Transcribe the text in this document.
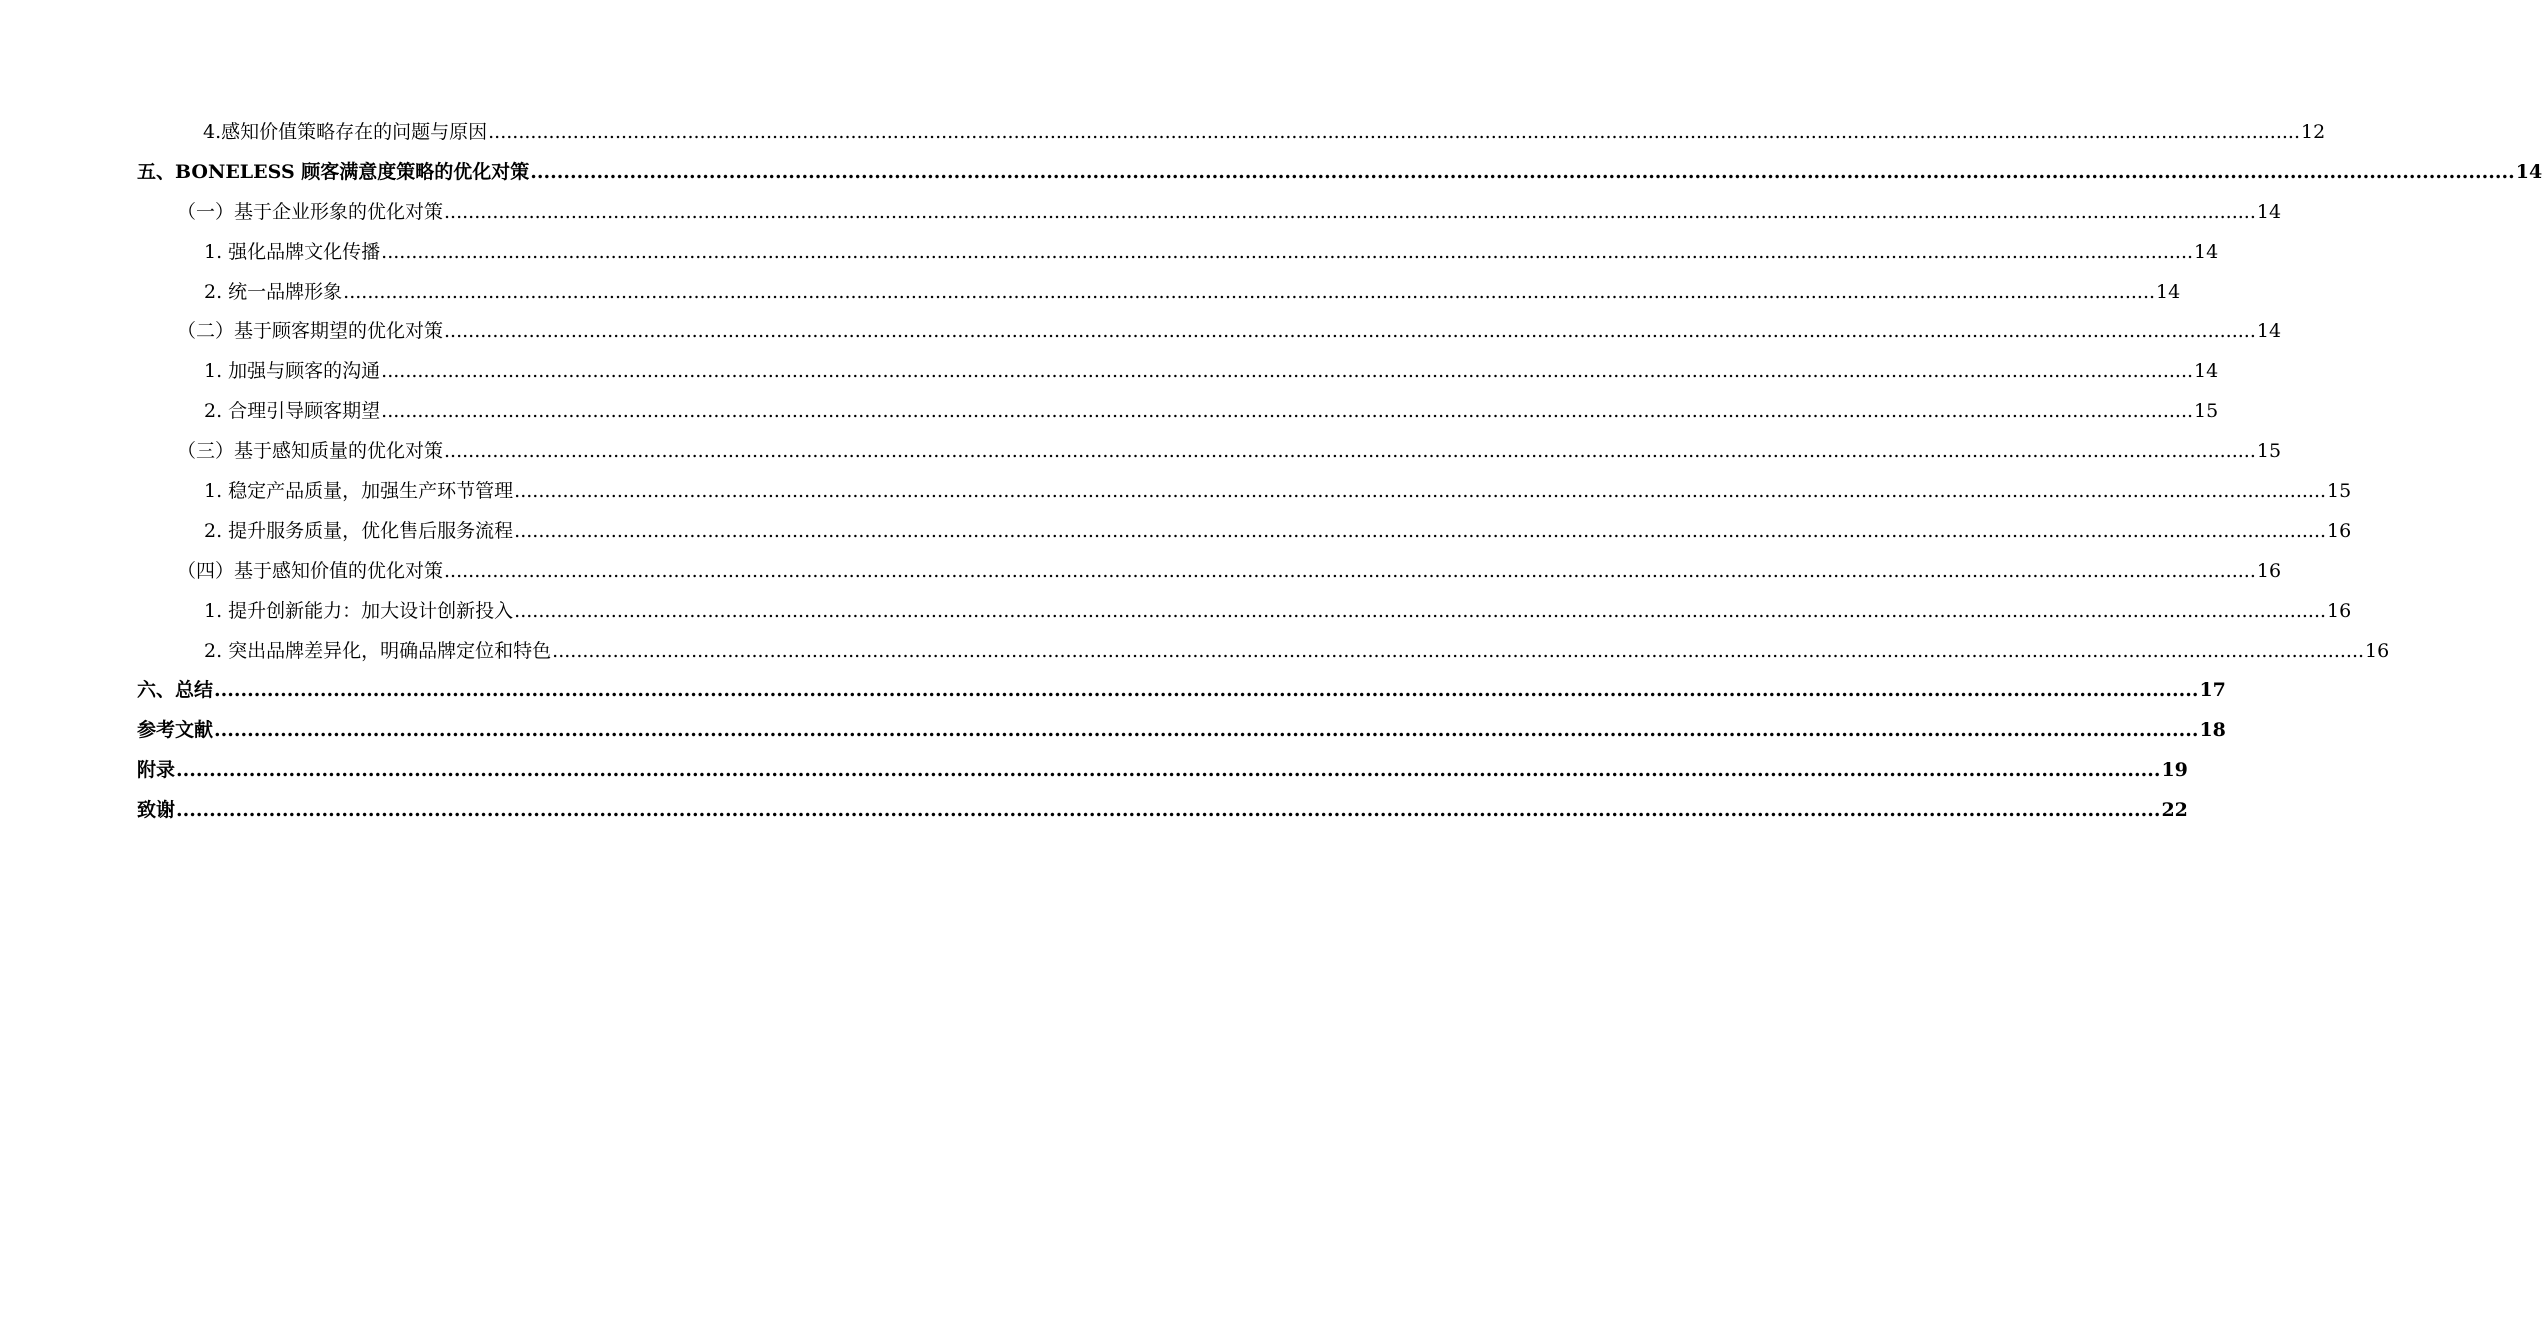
4.感知价值策略存在的问题与原因 ............................................................................................................................................................................................................................................................................................................ 12
五、BONELESS 顾客满意度策略的优化对策 ............................................................................................................................................................................................................................................................................................................ 14
（一）基于企业形象的优化对策 ............................................................................................................................................................................................................................................................................................................ 14
1. 强化品牌文化传播 ............................................................................................................................................................................................................................................................................................................ 14
2. 统一品牌形象 ............................................................................................................................................................................................................................................................................................................ 14
（二）基于顾客期望的优化对策 ............................................................................................................................................................................................................................................................................................................ 14
1. 加强与顾客的沟通 ............................................................................................................................................................................................................................................................................................................ 14
2. 合理引导顾客期望 ............................................................................................................................................................................................................................................................................................................ 15
（三）基于感知质量的优化对策 ............................................................................................................................................................................................................................................................................................................ 15
1. 稳定产品质量，加强生产环节管理 ............................................................................................................................................................................................................................................................................................................ 15
2. 提升服务质量，优化售后服务流程 ............................................................................................................................................................................................................................................................................................................ 16
（四）基于感知价值的优化对策 ............................................................................................................................................................................................................................................................................................................ 16
1. 提升创新能力：加大设计创新投入 ............................................................................................................................................................................................................................................................................................................ 16
2. 突出品牌差异化，明确品牌定位和特色 ............................................................................................................................................................................................................................................................................................................ 16
六、总结 ............................................................................................................................................................................................................................................................................................................ 17
参考文献 ............................................................................................................................................................................................................................................................................................................ 18
附录 ............................................................................................................................................................................................................................................................................................................ 19
致谢 ............................................................................................................................................................................................................................................................................................................ 22
